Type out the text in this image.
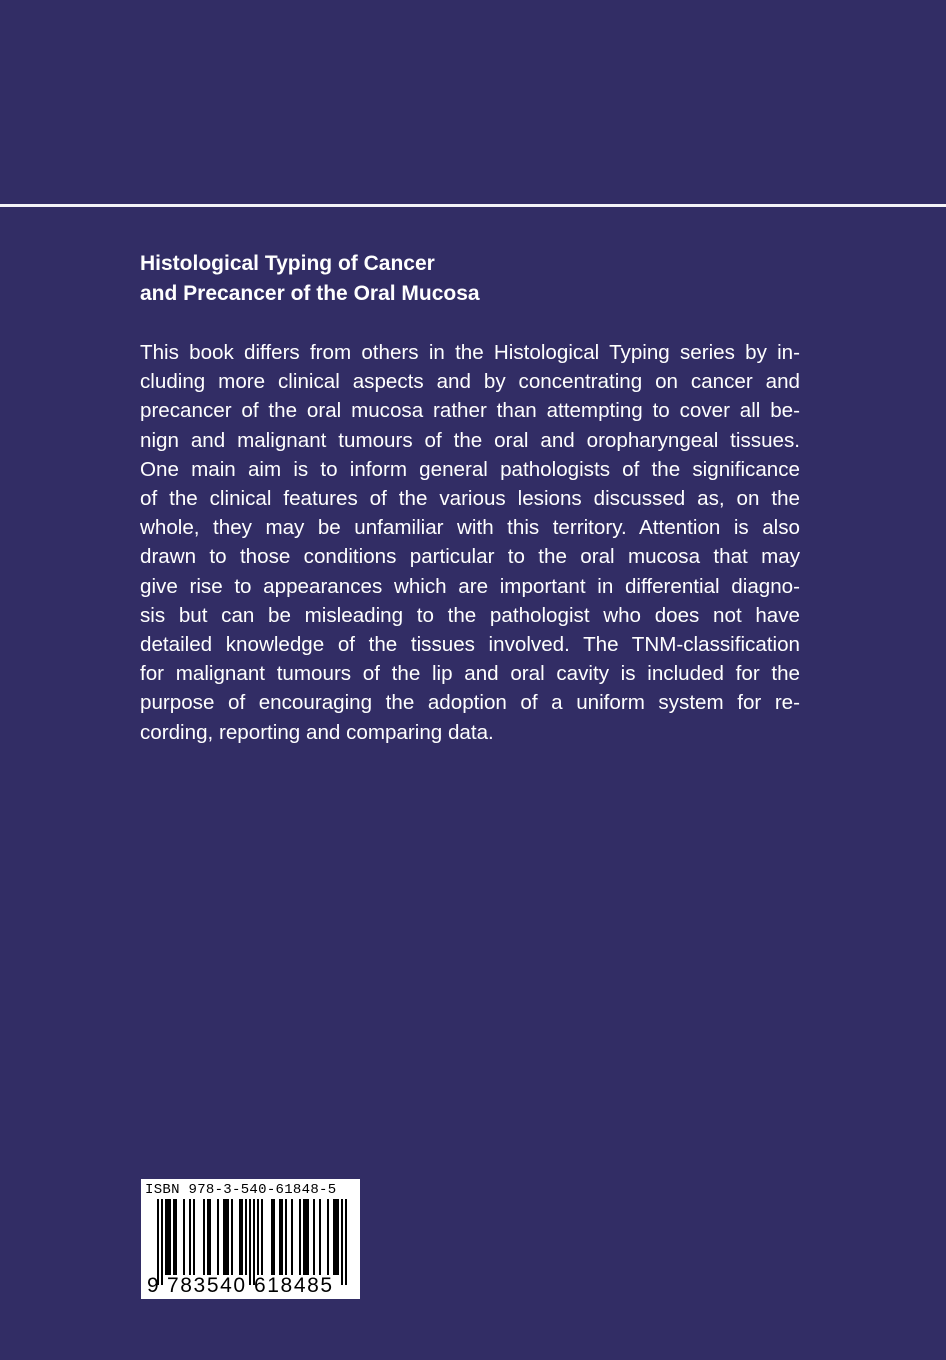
Histological Typing of Cancer
and Precancer of the Oral Mucosa
This book differs from others in the Histological Typing series by in-
cluding more clinical aspects and by concentrating on cancer and
precancer of the oral mucosa rather than attempting to cover all be-
nign and malignant tumours of the oral and oropharyngeal tissues.
One main aim is to inform general pathologists of the significance
of the clinical features of the various lesions discussed as, on the
whole, they may be unfamiliar with this territory. Attention is also
drawn to those conditions particular to the oral mucosa that may
give rise to appearances which are important in differential diagno-
sis but can be misleading to the pathologist who does not have
detailed knowledge of the tissues involved. The TNM-classification
for malignant tumours of the lip and oral cavity is included for the
purpose of encouraging the adoption of a uniform system for re-
cording, reporting and comparing data.
ISBN 978-3-540-61848-5
9 783540 618485
